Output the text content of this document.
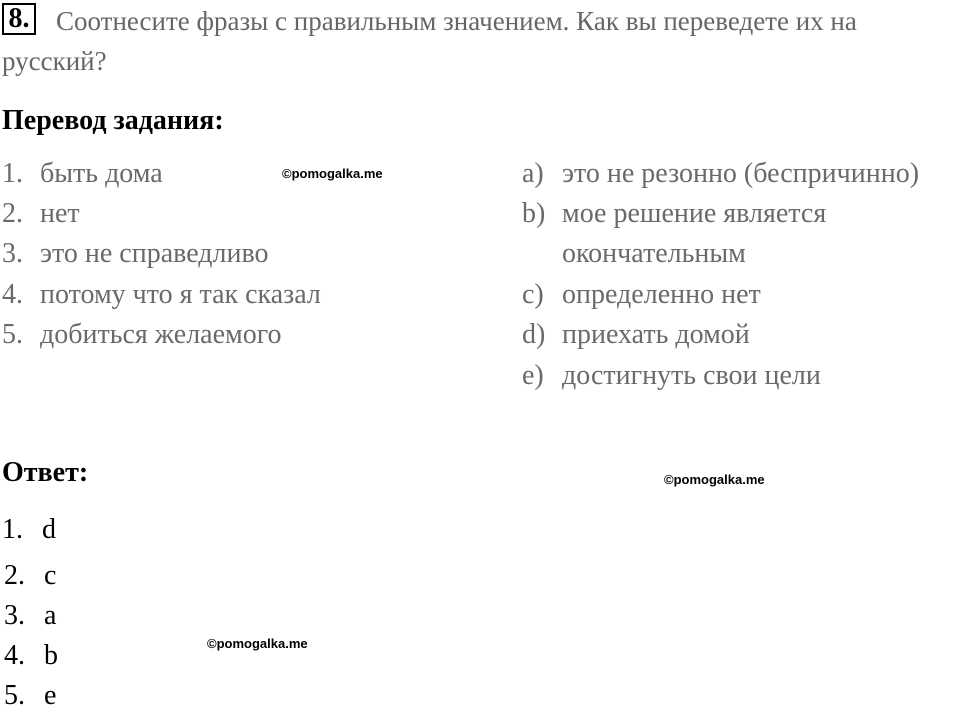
8. Соотнесите фразы с правильным значением. Как вы переведете их на
русский?
Перевод задания:
1. быть дома
2. нет
3. это не справедливо
4. потому что я так сказал
5. добиться желаемого
a) это не резонно (беспричинно)
b) мое решение является
окончательным
c) определенно нет
d) приехать домой
e) достигнуть свои цели
Ответ:
1. d
2. c
3. a
4. b
5. e
©pomogalka.me
©pomogalka.me
©pomogalka.me
